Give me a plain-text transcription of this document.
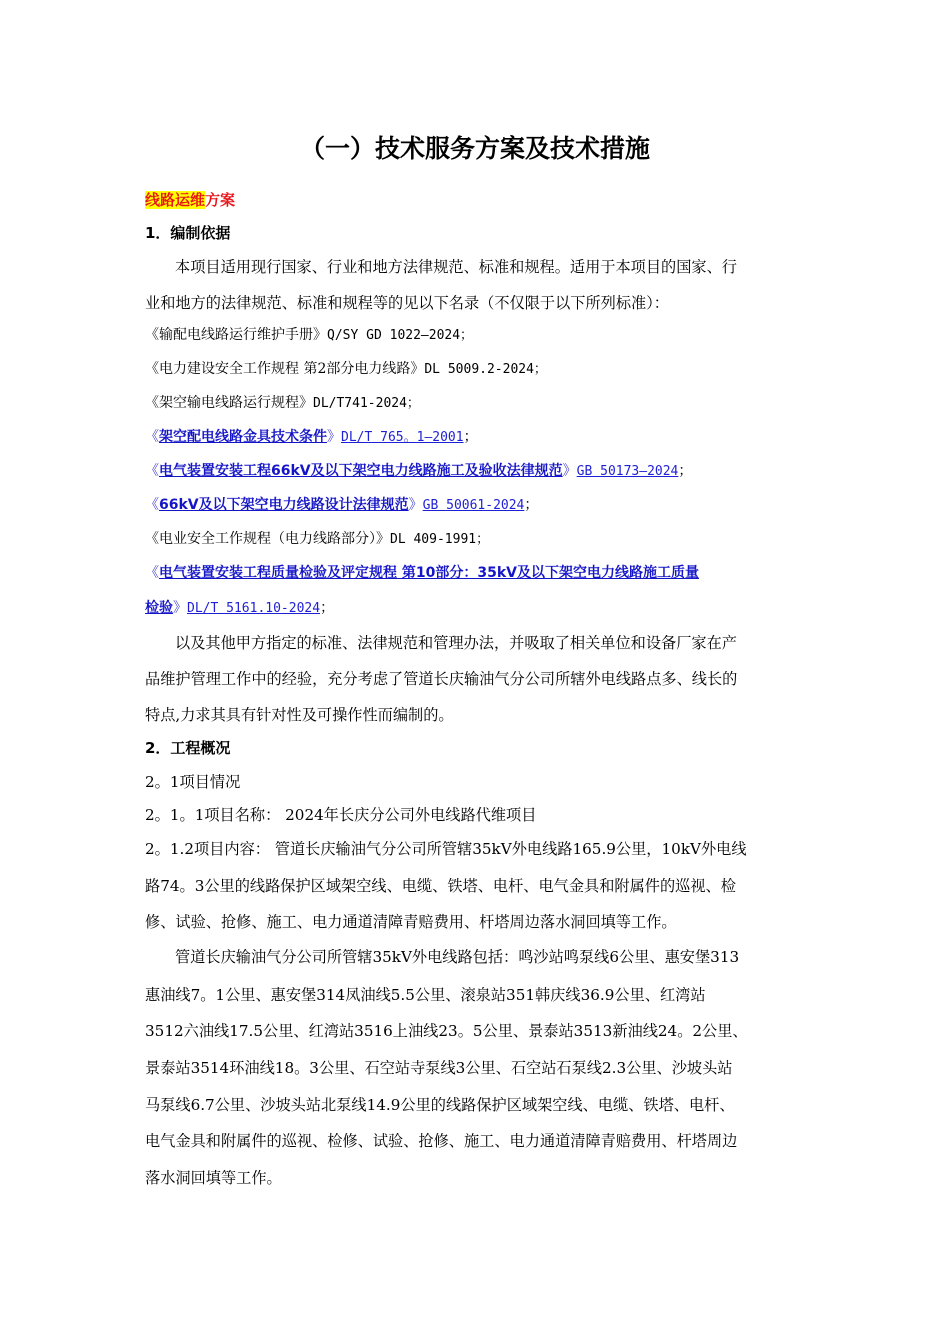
（一）技术服务方案及技术措施
线路运维方案
1．编制依据
本项目适用现行国家、行业和地方法律规范、标准和规程。适用于本项目的国家、行
业和地方的法律规范、标准和规程等的见以下名录（不仅限于以下所列标准）：
《输配电线路运行维护手册》Q/SY GD 1022—2024；
《电力建设安全工作规程 第2部分电力线路》DL 5009.2-2024；
《架空输电线路运行规程》DL/T741-2024；
《架空配电线路金具技术条件》DL/T 765。1—2001；
《电气装置安装工程66kV及以下架空电力线路施工及验收法律规范》GB 50173—2024；
《66kV及以下架空电力线路设计法律规范》GB 50061-2024；
《电业安全工作规程（电力线路部分）》DL 409-1991；
《电气装置安装工程质量检验及评定规程 第10部分：35kV及以下架空电力线路施工质量
检验》DL/T 5161.10-2024；
以及其他甲方指定的标准、法律规范和管理办法，并吸取了相关单位和设备厂家在产
品维护管理工作中的经验，充分考虑了管道长庆输油气分公司所辖外电线路点多、线长的
特点,力求其具有针对性及可操作性而编制的。
2．工程概况
2。1项目情况
2。1。1项目名称： 2024年长庆分公司外电线路代维项目
2。1.2项目内容： 管道长庆输油气分公司所管辖35kV外电线路165.9公里，10kV外电线
路74。3公里的线路保护区域架空线、电缆、铁塔、电杆、电气金具和附属件的巡视、检
修、试验、抢修、施工、电力通道清障青赔费用、杆塔周边落水洞回填等工作。
管道长庆输油气分公司所管辖35kV外电线路包括：鸣沙站鸣泵线6公里、惠安堡313
惠油线7。1公里、惠安堡314凤油线5.5公里、滚泉站351韩庆线36.9公里、红湾站
3512六油线17.5公里、红湾站3516上油线23。5公里、景泰站3513新油线24。2公里、
景泰站3514环油线18。3公里、石空站寺泵线3公里、石空站石泵线2.3公里、沙坡头站
马泵线6.7公里、沙坡头站北泵线14.9公里的线路保护区域架空线、电缆、铁塔、电杆、
电气金具和附属件的巡视、检修、试验、抢修、施工、电力通道清障青赔费用、杆塔周边
落水洞回填等工作。
